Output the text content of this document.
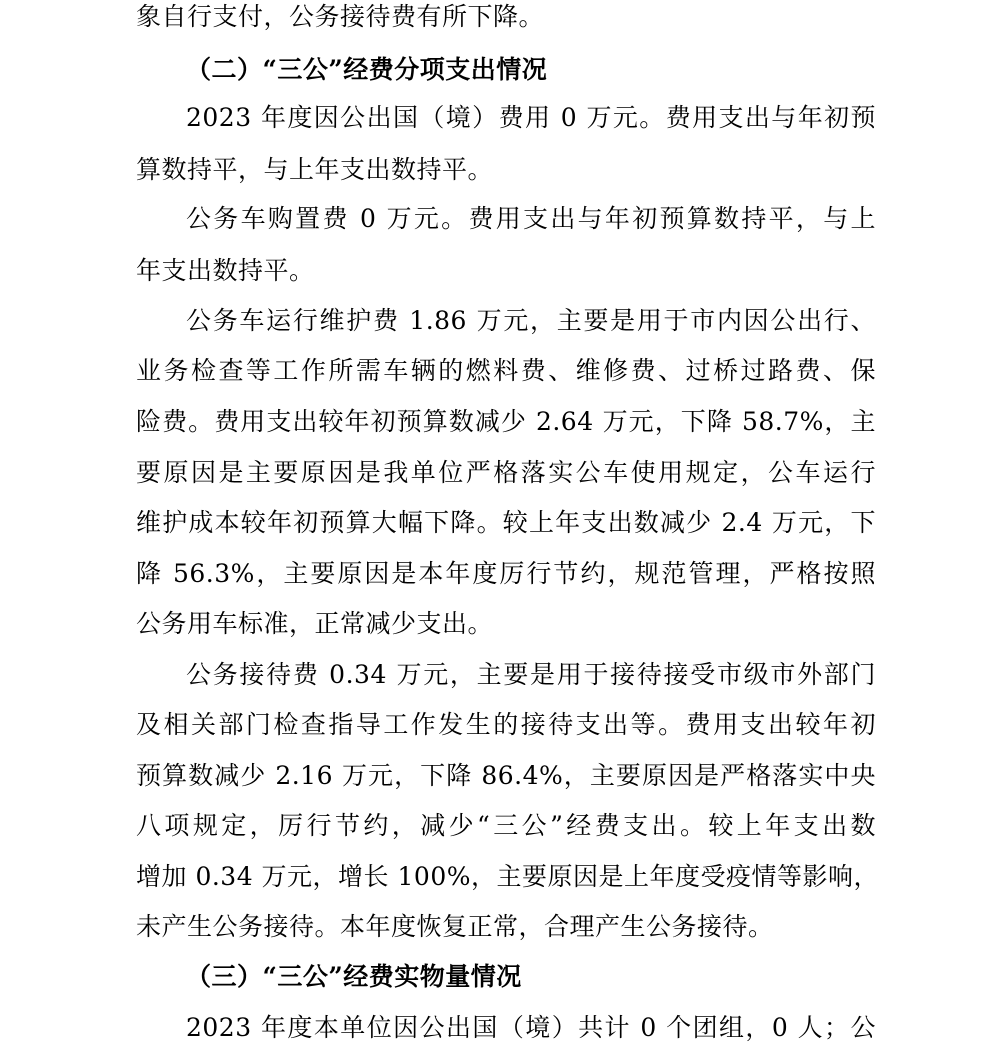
象自行支付，公务接待费有所下降。
（二）“三公”经费分项支出情况
2023 年度因公出国（境）费用 0 万元。费用支出与年初预
算数持平，与上年支出数持平。
公务车购置费 0 万元。费用支出与年初预算数持平，与上
年支出数持平。
公务车运行维护费 1.86 万元，主要是用于市内因公出行、
业务检查等工作所需车辆的燃料费、维修费、过桥过路费、保
险费。费用支出较年初预算数减少 2.64 万元，下降 58.7%，主
要原因是主要原因是我单位严格落实公车使用规定，公车运行
维护成本较年初预算大幅下降。较上年支出数减少 2.4 万元，下
降 56.3%，主要原因是本年度厉行节约，规范管理，严格按照
公务用车标准，正常减少支出。
公务接待费 0.34 万元，主要是用于接待接受市级市外部门
及相关部门检查指导工作发生的接待支出等。费用支出较年初
预算数减少 2.16 万元，下降 86.4%，主要原因是严格落实中央
八项规定，厉行节约，减少“三公”经费支出。较上年支出数
增加 0.34 万元，增长 100%，主要原因是上年度受疫情等影响，
未产生公务接待。本年度恢复正常，合理产生公务接待。
（三）“三公”经费实物量情况
2023 年度本单位因公出国（境）共计 0 个团组，0 人；公
